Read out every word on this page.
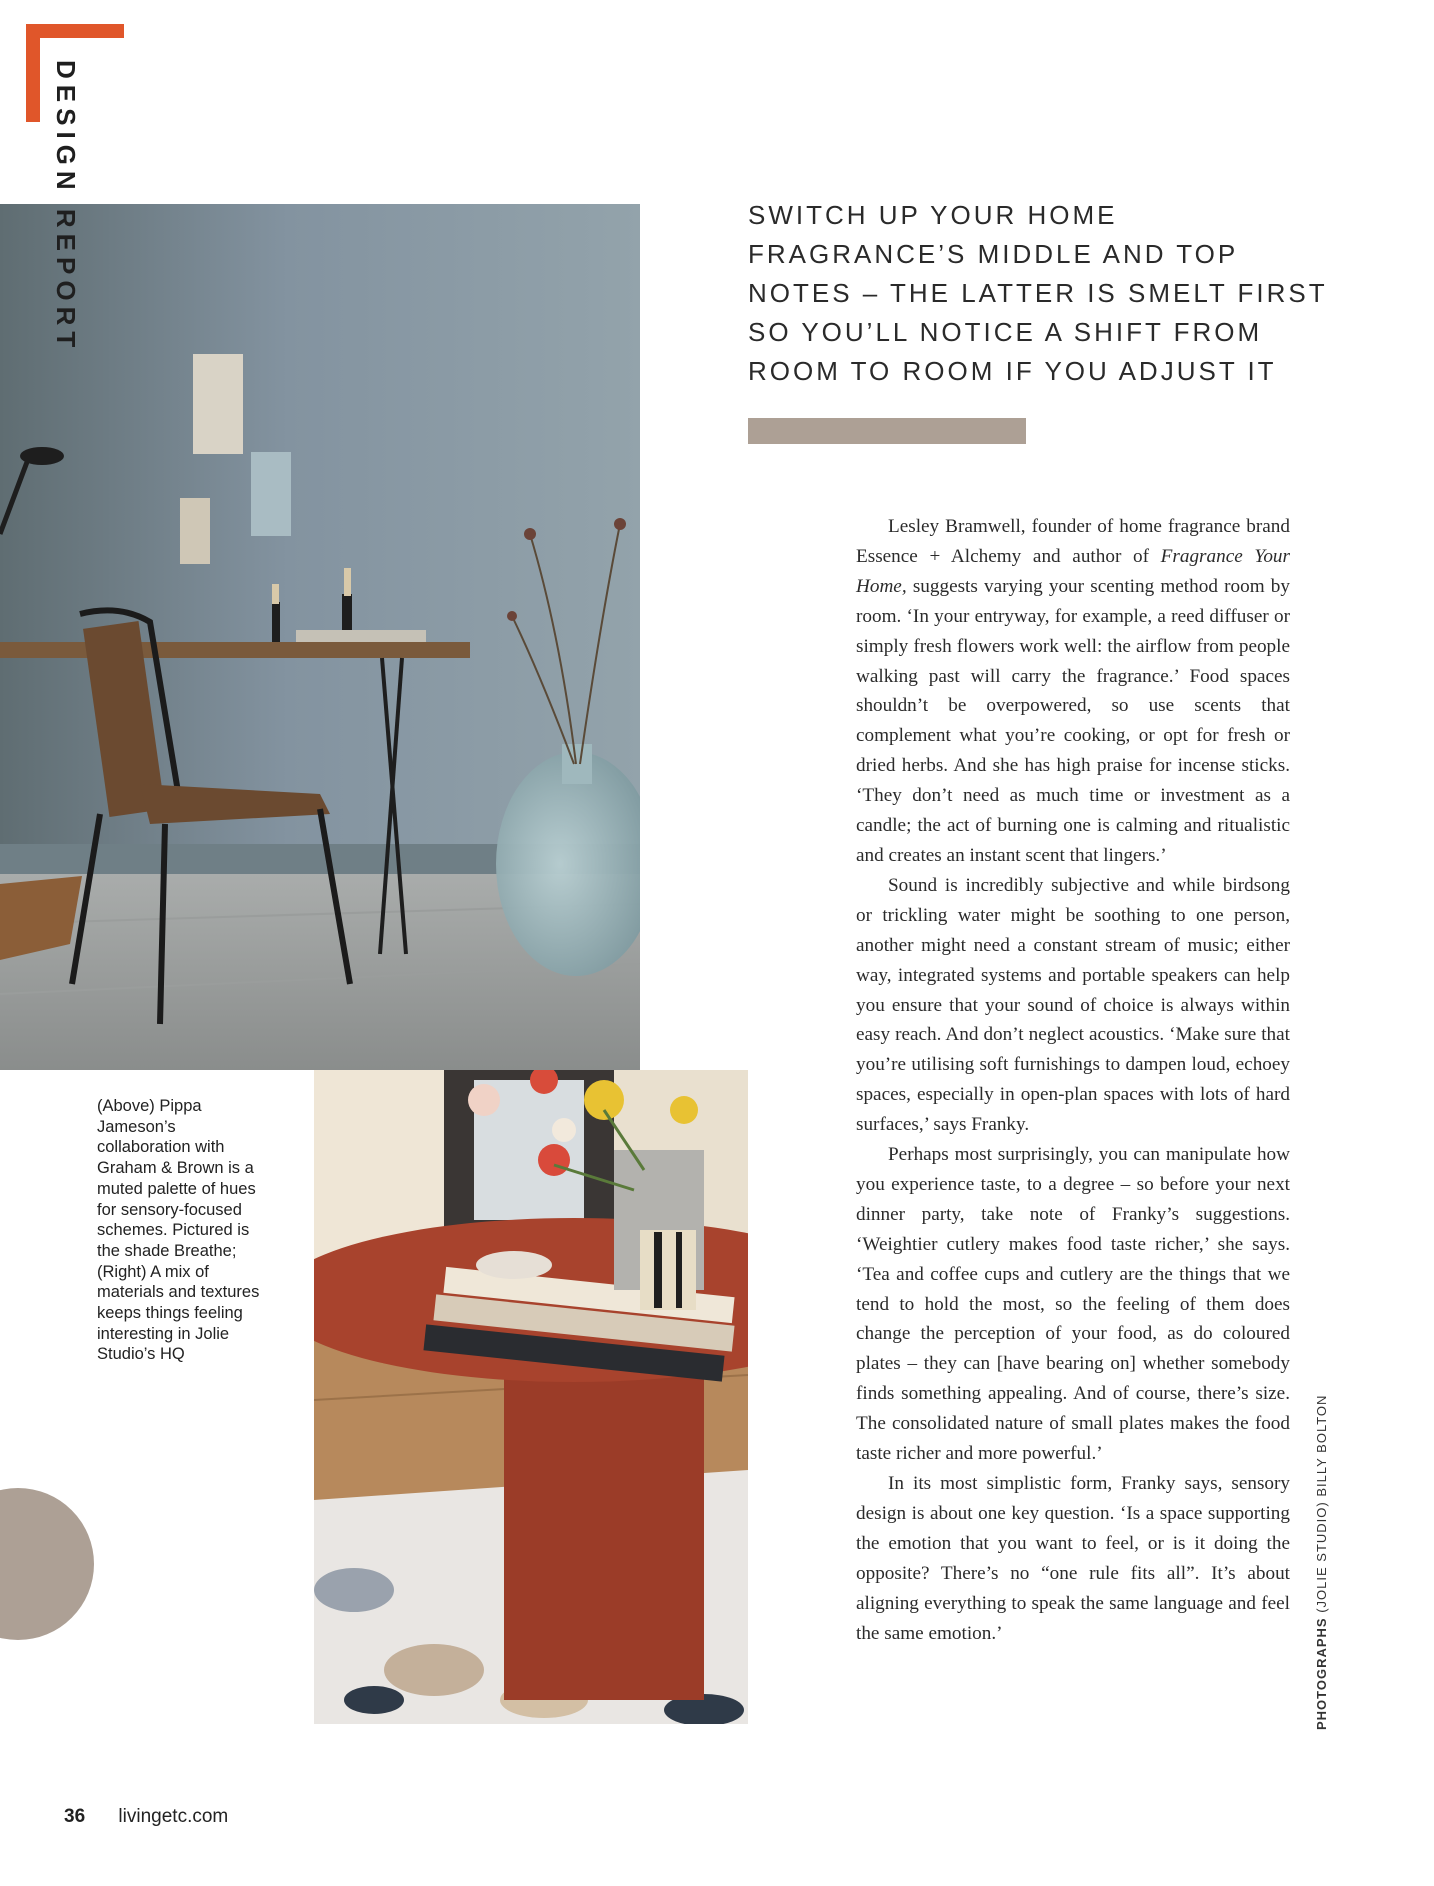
DESIGN REPORT	SWITCH UP YOUR HOME
FRAGRANCE’S MIDDLE AND TOP
NOTES – THE LATTER IS SMELT FIRST
SO YOU’LL NOTICE A SHIFT FROM
ROOM TO ROOM IF YOU ADJUST IT

Lesley Bramwell, founder of home fragrance brand Essence + Alchemy and author of Fragrance Your Home, suggests varying your scenting method room by room. ‘In your entryway, for example, a reed diffuser or simply fresh flowers work well: the airflow from people walking past will carry the fragrance.’ Food spaces shouldn’t be overpowered, so use scents that complement what you’re cooking, or opt for fresh or dried herbs. And she has high praise for incense sticks. ‘They don’t need as much time or investment as a candle; the act of burning one is calming and ritualistic and creates an instant scent that lingers.’

Sound is incredibly subjective and while birdsong or trickling water might be soothing to one person, another might need a constant stream of music; either way, integrated systems and portable speakers can help you ensure that your sound of choice is always within easy reach. And don’t neglect acoustics. ‘Make sure that you’re utilising soft furnishings to dampen loud, echoey spaces, especially in open-plan spaces with lots of hard surfaces,’ says Franky.

Perhaps most surprisingly, you can manipulate how you experience taste, to a degree – so before your next dinner party, take note of Franky’s suggestions. ‘Weightier cutlery makes food taste richer,’ she says. ‘Tea and coffee cups and cutlery are the things that we tend to hold the most, so the feeling of them does change the perception of your food, as do coloured plates – they can [have bearing on] whether somebody finds something appealing. And of course, there’s size. The consolidated nature of small plates makes the food taste richer and more powerful.’

In its most simplistic form, Franky says, sensory design is about one key question. ‘Is a space supporting the emotion that you want to feel, or is it doing the opposite? There’s no “one rule fits all”. It’s about aligning everything to speak the same language and feel the same emotion.’

(Above) Pippa Jameson’s collaboration with Graham & Brown is a muted palette of hues for sensory-focused schemes. Pictured is the shade Breathe; (Right) A mix of materials and textures keeps things feeling interesting in Jolie Studio’s HQ
PHOTOGRAPHS (JOLIE STUDIO) BILLY BOLTON
36 livingetc.com
